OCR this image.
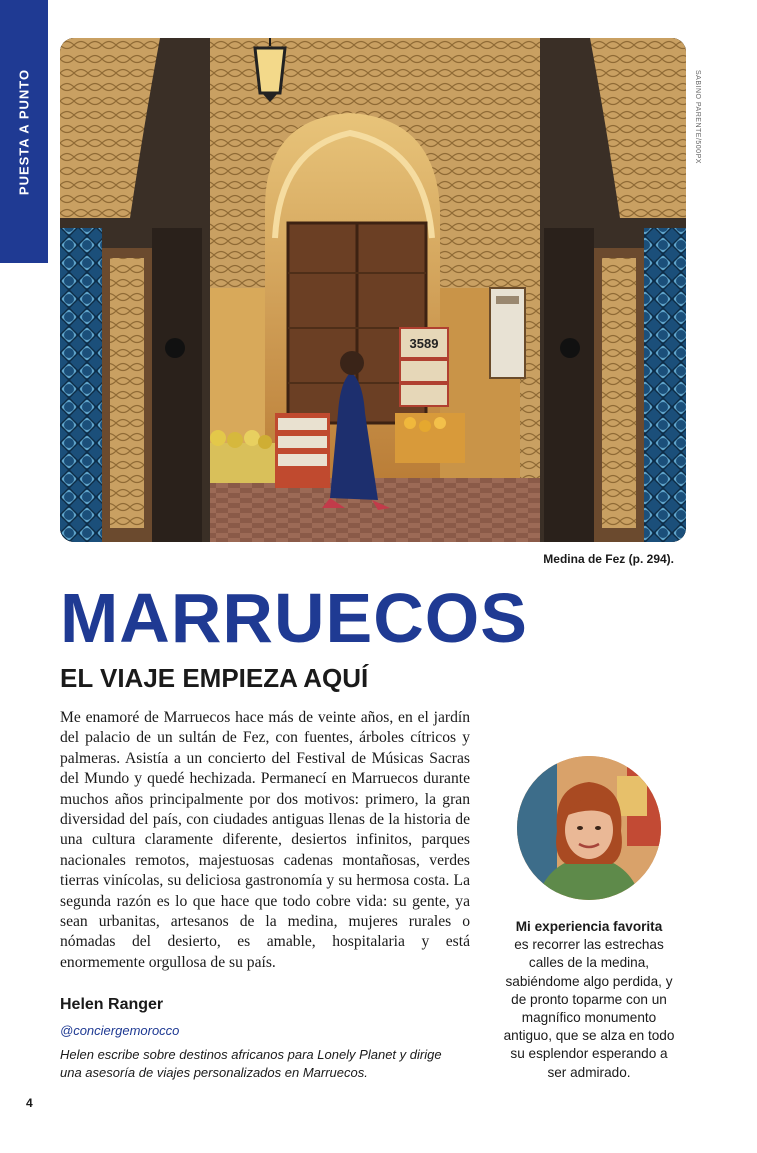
PUESTA A PUNTO
3589
SABINO PARENTE/500PX
Medina de Fez (p. 294).
MARRUECOS
EL VIAJE EMPIEZA AQUÍ

Me enamoré de Marruecos hace más de veinte años, en el jardín del palacio de un sultán de Fez, con fuentes, árboles cítricos y palmeras. Asistía a un concierto del Festival de Músicas Sacras del Mundo y quedé hechizada. Permanecí en Marruecos durante muchos años principalmente por dos motivos: primero, la gran diversidad del país, con ciudades antiguas llenas de la historia de una cultura claramente diferente, desiertos infinitos, parques nacionales remotos, majestuosas cadenas montañosas, verdes tierras vinícolas, su deliciosa gastronomía y su hermosa costa. La segunda razón es lo que hace que todo cobre vida: su gente, ya sean urbanitas, artesanos de la medina, mujeres rurales o nómadas del desierto, es amable, hospitalaria y está enormemente orgullosa de su país.

Helen Ranger
@conciergemorocco
Helen escribe sobre destinos africanos para Lonely Planet y dirige una asesoría de viajes personalizados en Marruecos.
Mi experiencia favorita
es recorrer las estrechas calles de la medina, sabiéndome algo perdida, y de pronto toparme con un magnífico monumento antiguo, que se alza en todo su esplendor esperando a ser admirado.
4
